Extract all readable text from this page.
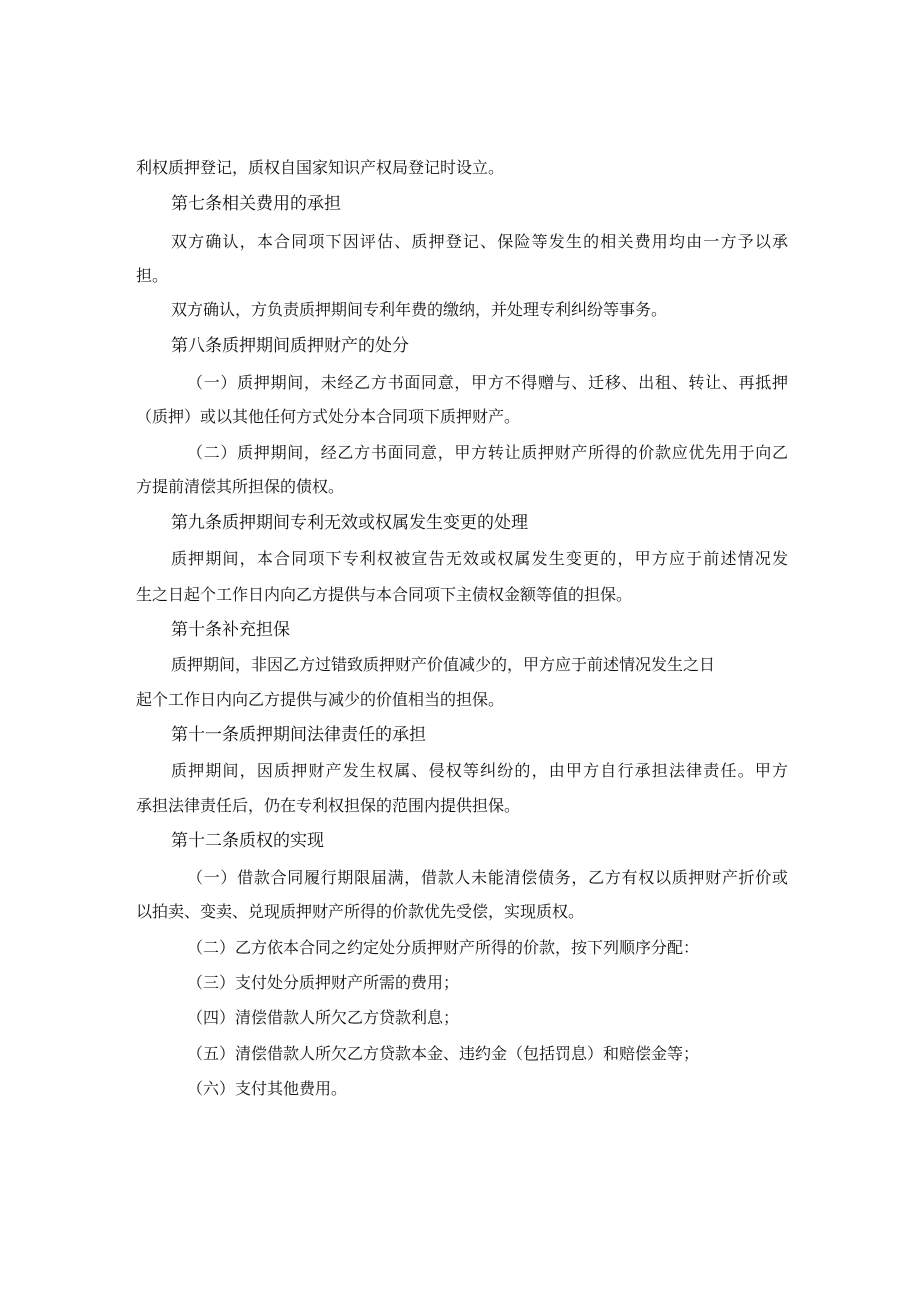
利权质押登记，质权自国家知识产权局登记时设立。
第七条相关费用的承担
双方确认，本合同项下因评估、质押登记、保险等发生的相关费用均由一方予以承
担。
双方确认，方负责质押期间专利年费的缴纳，并处理专利纠纷等事务。
第八条质押期间质押财产的处分
（一）质押期间，未经乙方书面同意，甲方不得赠与、迁移、出租、转让、再抵押
（质押）或以其他任何方式处分本合同项下质押财产。
（二）质押期间，经乙方书面同意，甲方转让质押财产所得的价款应优先用于向乙
方提前清偿其所担保的债权。
第九条质押期间专利无效或权属发生变更的处理
质押期间，本合同项下专利权被宣告无效或权属发生变更的，甲方应于前述情况发
生之日起个工作日内向乙方提供与本合同项下主债权金额等值的担保。
第十条补充担保
质押期间，非因乙方过错致质押财产价值减少的，甲方应于前述情况发生之日
起个工作日内向乙方提供与减少的价值相当的担保。
第十一条质押期间法律责任的承担
质押期间，因质押财产发生权属、侵权等纠纷的，由甲方自行承担法律责任。甲方
承担法律责任后，仍在专利权担保的范围内提供担保。
第十二条质权的实现
（一）借款合同履行期限届满，借款人未能清偿债务，乙方有权以质押财产折价或
以拍卖、变卖、兑现质押财产所得的价款优先受偿，实现质权。
（二）乙方依本合同之约定处分质押财产所得的价款，按下列顺序分配：
（三）支付处分质押财产所需的费用；
（四）清偿借款人所欠乙方贷款利息；
（五）清偿借款人所欠乙方贷款本金、违约金（包括罚息）和赔偿金等；
（六）支付其他费用。
